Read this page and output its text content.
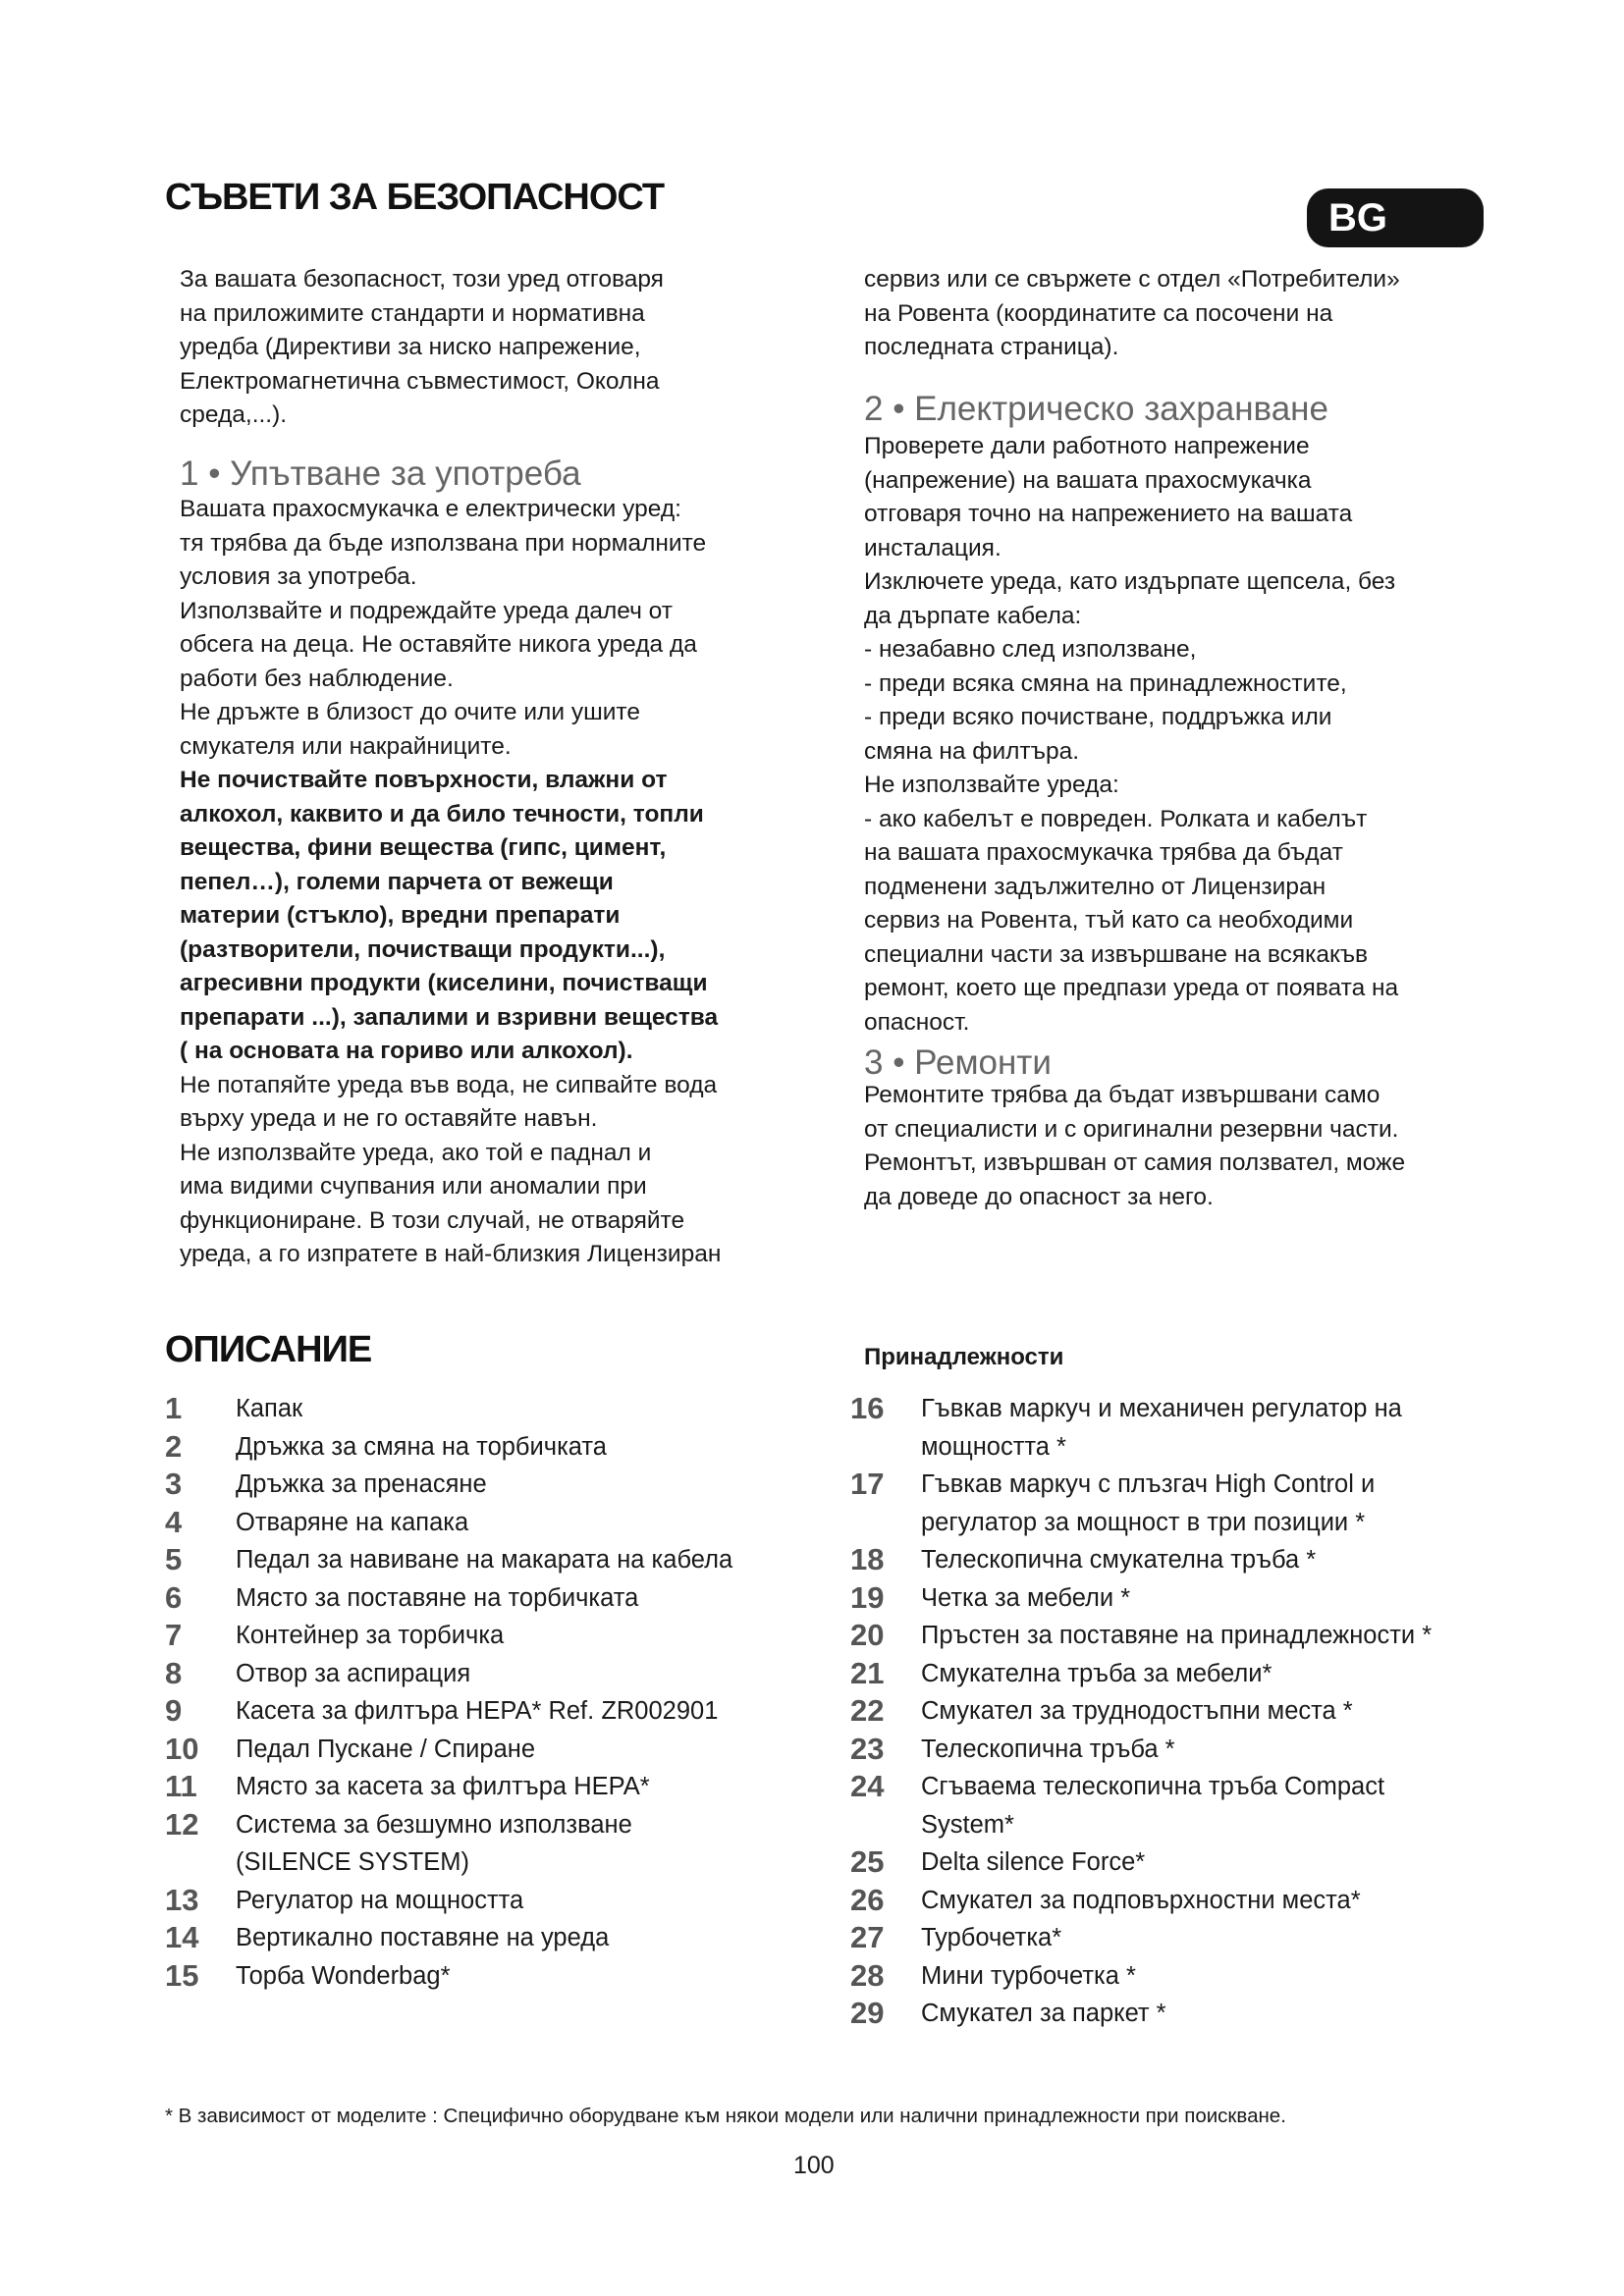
СЪВЕТИ ЗА БЕЗОПАСНОСТ	BG
За вашата безопасност, този уред отговаря
на приложимите стандарти и нормативна
уредба (Директиви за ниско напрежение,
Електромагнетична съвместимост, Околна
среда,...).
1 • Упътване за употреба
Вашата прахосмукачка е електрически уред:
тя трябва да бъде използвана при нормалните
условия за употреба.
Използвайте и подреждайте уреда далеч от
обсега на деца. Не оставяйте никога уреда да
работи без наблюдение.
Не дръжте в близост до очите или ушите
смукателя или накрайниците.
Не почиствайте повърхности, влажни от
алкохол, каквито и да било течности, топли
вещества, фини вещества (гипс, цимент,
пепел…), големи парчета от вежещи
материи (стъкло), вредни препарати
(разтворители, почистващи продукти...),
агресивни продукти (киселини, почистващи
препарати ...), запалими и взривни вещества
( на основата на гориво или алкохол).
Не потапяйте уреда във вода, не сипвайте вода
върху уреда и не го оставяйте навън.
Не използвайте уреда, ако той е паднал и
има видими счупвания или аномалии при
функциониране. В този случай, не отваряйте
уреда, а го изпратете в най-близкия Лицензиран
сервиз или се свържете с отдел «Потребители»
на Ровента (координатите са посочени на
последната страница).
2 • Електрическо захранване
Проверете дали работното напрежение
(напрежение) на вашата прахосмукачка
отговаря точно на напрежението на вашата
инсталация.
Изключете уреда, като издърпате щепсела, без
да дърпате кабела:
- незабавно след използване,
- преди всяка смяна на принадлежностите,
- преди всяко почистване, поддръжка или
смяна на филтъра.
Не използвайте уреда:
- ако кабелът е повреден. Ролката и кабелът
на вашата прахосмукачка трябва да бъдат
подменени задължително от Лицензиран
сервиз на Ровента, тъй като са необходими
специални части за извършване на всякакъв
ремонт, което ще предпази уреда от появата на
опасност.
3 • Ремонти
Ремонтите трябва да бъдат извършвани само
от специалисти и с оригинални резервни части.
Ремонтът, извършван от самия ползвател, може
да доведе до опасност за него.
ОПИСАНИЕ
1	Капак
2	Дръжка за смяна на торбичката
3	Дръжка за пренасяне
4	Отваряне на капака
5	Педал за навиване на макарата на кабела
6	Място за поставяне на торбичката
7	Контейнер за торбичка
8	Отвор за аспирация
9	Касета за филтъра HEPA* Ref. ZR002901
10	Педал Пускане / Спиране
11	Място за касета за филтъра HEPA*
12	Система за безшумно използване
(SILENCE SYSTEM)
13	Регулатор на мощността
14	Вертикално поставяне на уреда
15	Торба Wonderbag*
Принадлежности
16	Гъвкав маркуч и механичен регулатор на
мощността *
17	Гъвкав маркуч с плъзгач High Control и
регулатор за мощност в три позиции *
18	Телескопична смукателна тръба *
19	Четка за мебели *
20	Пръстен за поставяне на принадлежности *
21	Смукателна тръба за мебели*
22	Смукател за труднодостъпни места *
23	Телескопична тръба *
24	Сгъваема телескопична тръба Compact
System*
25	Delta silence Force*
26	Смукател за подповърхностни места*
27	Турбочетка*
28	Мини турбочетка *
29	Смукател за паркет *
* В зависимост от моделите : Специфично оборудване към някои модели или налични принадлежности при поискване.
100
